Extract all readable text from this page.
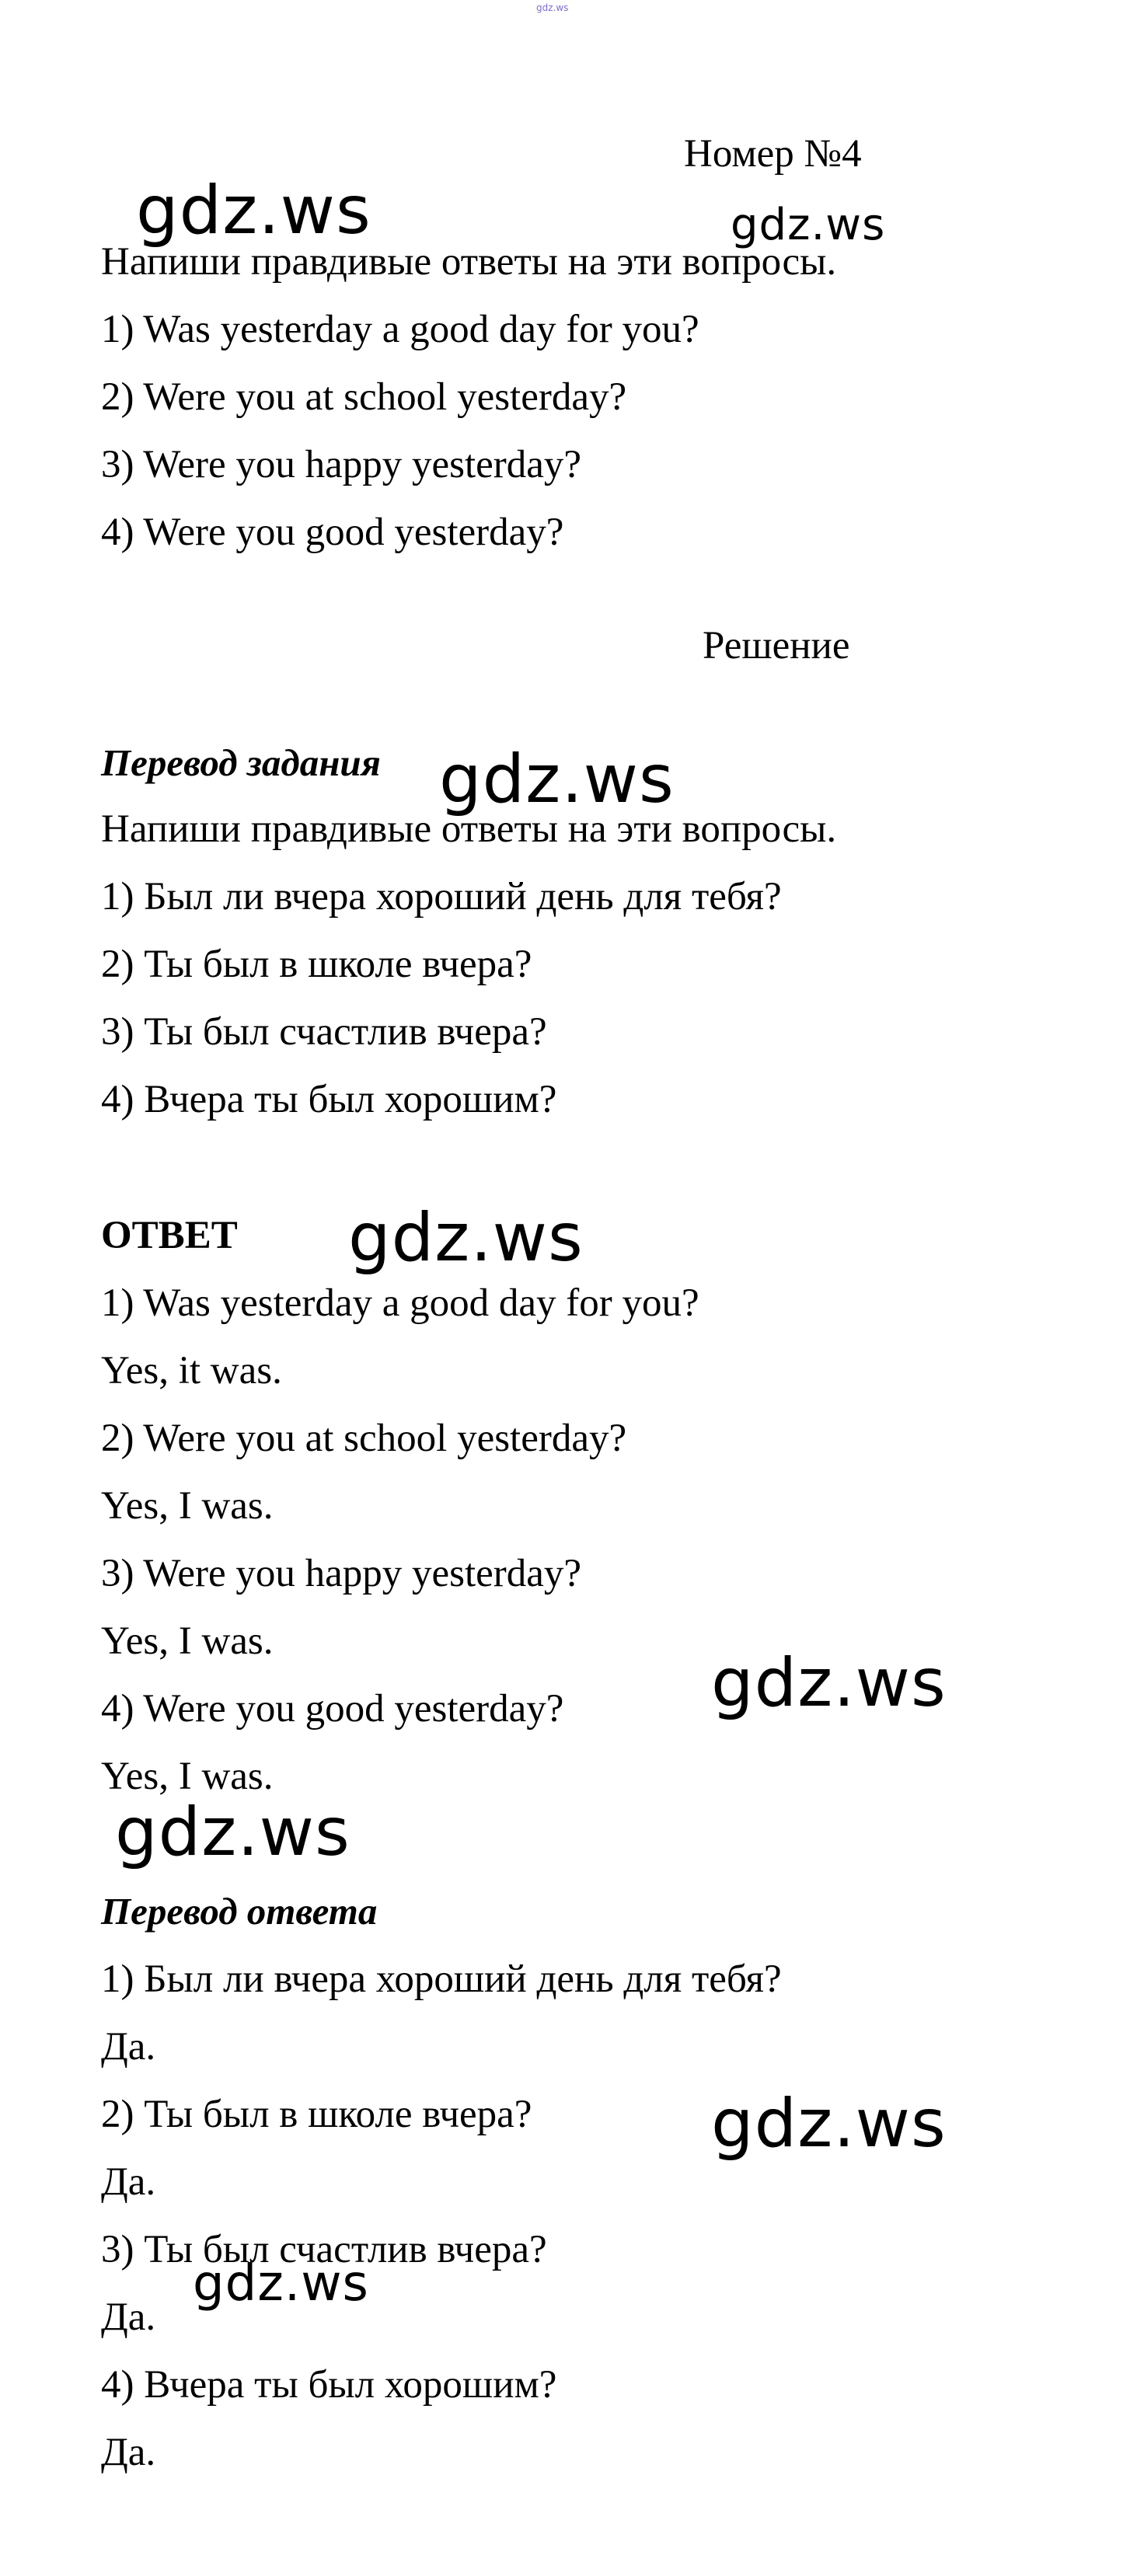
gdz.ws
Номер №4
gdz.ws	gdz.ws
gdz.ws
gdz.ws
gdz.ws
gdz.ws
gdz.ws
gdz.ws
Напиши правдивые ответы на эти вопросы.
1) Was yesterday a good day for you?
2) Were you at school yesterday?
3) Were you happy yesterday?
4) Were you good yesterday?
Решение
Перевод задания
Напиши правдивые ответы на эти вопросы.
1) Был ли вчера хороший день для тебя?
2) Ты был в школе вчера?
3) Ты был счастлив вчера?
4) Вчера ты был хорошим?
ОТВЕТ
1) Was yesterday a good day for you?
Yes, it was.
2) Were you at school yesterday?
Yes, I was.
3) Were you happy yesterday?
Yes, I was.
4) Were you good yesterday?
Yes, I was.
Перевод ответа
1) Был ли вчера хороший день для тебя?
Да.
2) Ты был в школе вчера?
Да.
3) Ты был счастлив вчера?
Да.
4) Вчера ты был хорошим?
Да.
